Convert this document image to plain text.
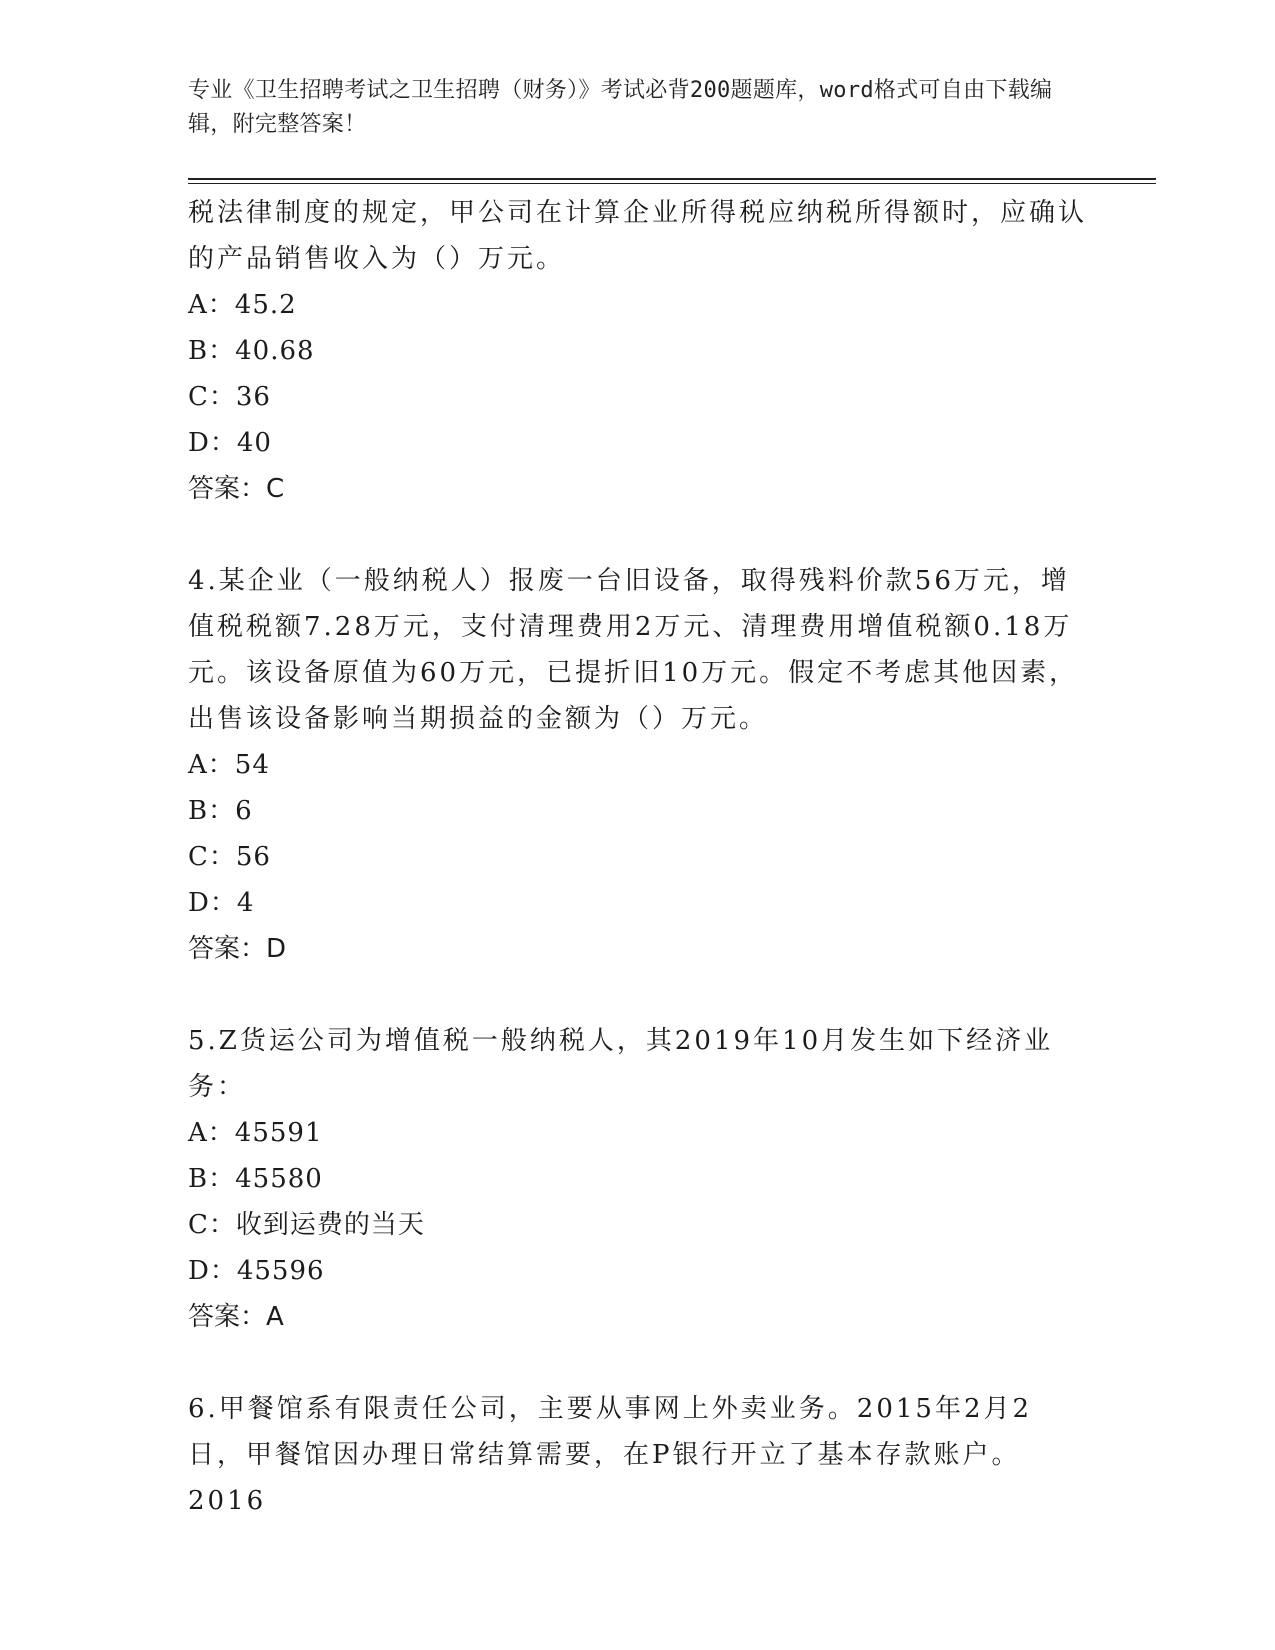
专业《卫生招聘考试之卫生招聘（财务）》考试必背200题题库，word格式可自由下载编辑，附完整答案！

税法律制度的规定，甲公司在计算企业所得税应纳税所得额时，应确认的产品销售收入为（）万元。

A：45.2

B：40.68

C：36

D：40

答案：C

4.某企业（一般纳税人）报废一台旧设备，取得残料价款56万元，增值税税额7.28万元，支付清理费用2万元、清理费用增值税额0.18万元。该设备原值为60万元，已提折旧10万元。假定不考虑其他因素，出售该设备影响当期损益的金额为（）万元。

A：54

B：6

C：56

D：4

答案：D

5.Z货运公司为增值税一般纳税人，其2019年10月发生如下经济业务：

A：45591

B：45580

C：收到运费的当天

D：45596

答案：A

6.甲餐馆系有限责任公司，主要从事网上外卖业务。2015年2月2日，甲餐馆因办理日常结算需要，在P银行开立了基本存款账户。2016
